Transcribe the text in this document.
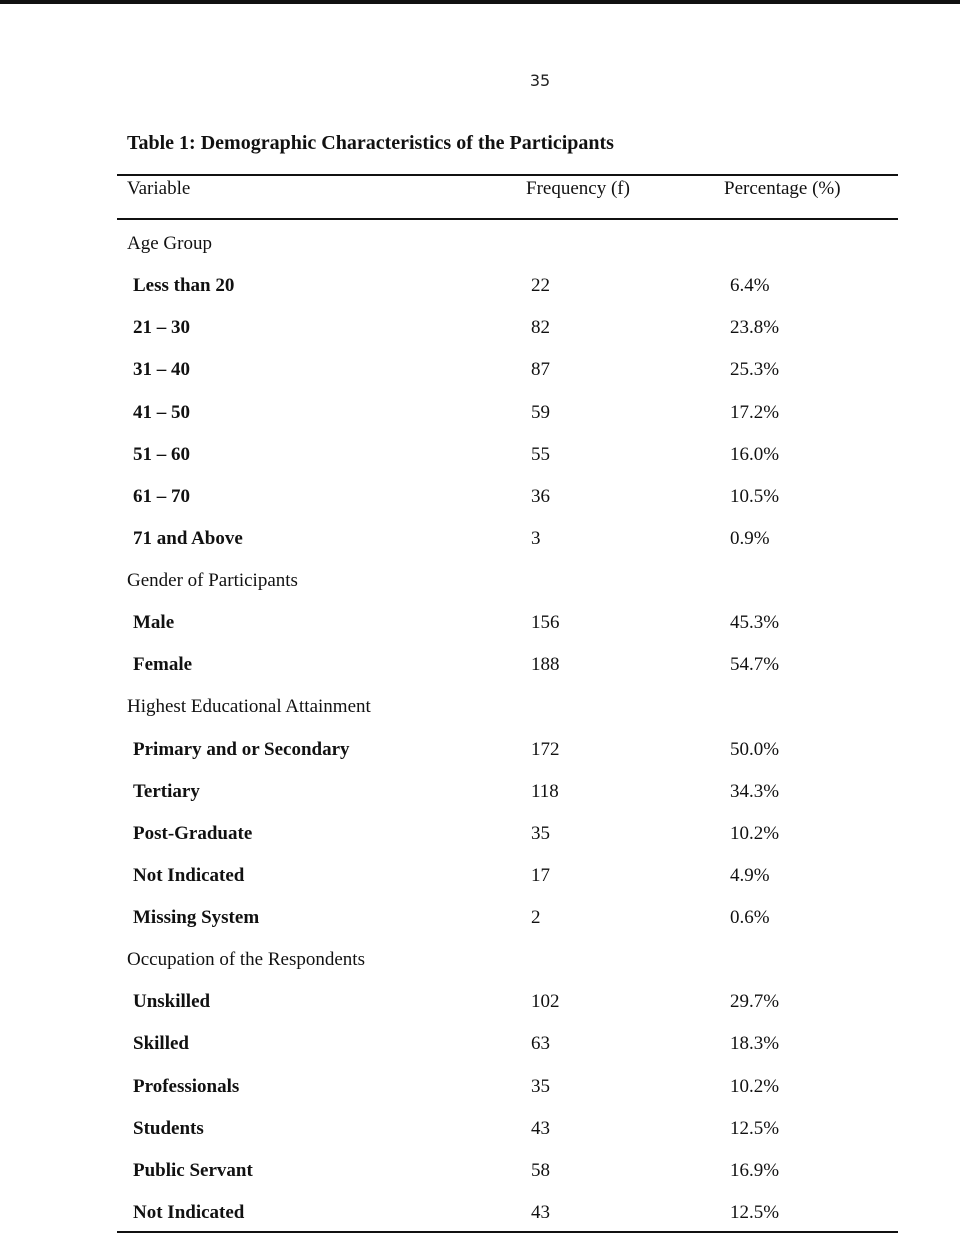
35
Table 1: Demographic Characteristics of the Participants
Variable	Frequency (f)	Percentage (%)
Age Group
Less than 20	22	6.4%
21 – 30	82	23.8%
31 – 40	87	25.3%
41 – 50	59	17.2%
51 – 60	55	16.0%
61 – 70	36	10.5%
71 and Above	3	0.9%
Gender of Participants
Male	156	45.3%
Female	188	54.7%
Highest Educational Attainment
Primary and or Secondary	172	50.0%
Tertiary	118	34.3%
Post-Graduate	35	10.2%
Not Indicated	17	4.9%
Missing System	2	0.6%
Occupation of the Respondents
Unskilled	102	29.7%
Skilled	63	18.3%
Professionals	35	10.2%
Students	43	12.5%
Public Servant	58	16.9%
Not Indicated	43	12.5%
